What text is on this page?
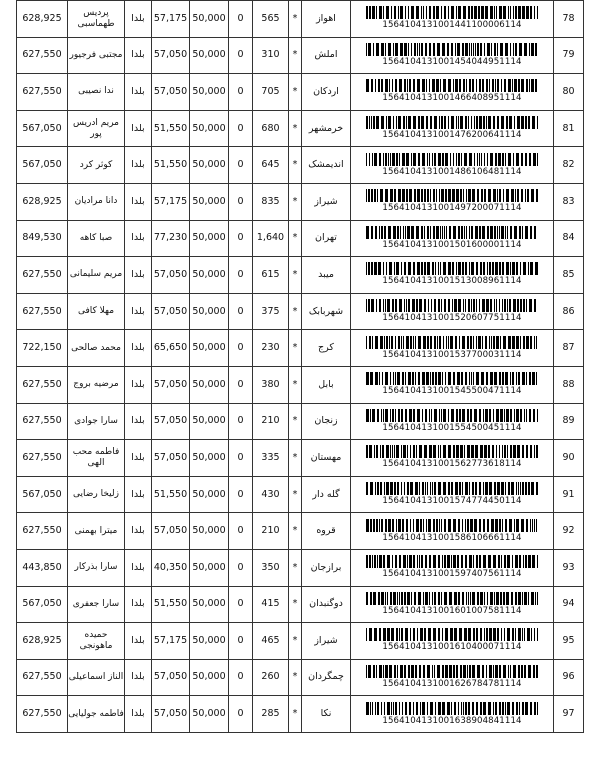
628,925	پردیس طهماسبی	بلدا	57,175	50,000	0	565	*	اهواز	1564104131001441100006114	78
627,550	مجتبی فرجیور	بلدا	57,050	50,000	0	310	*	املش	1564104131001454044951114	79
627,550	ندا نصیبی	بلدا	57,050	50,000	0	705	*	اردکان	1564104131001466408951114	80
567,050	مریم ادریس پور	بلدا	51,550	50,000	0	680	*	خرمشهر	1564104131001476200641114	81
567,050	کوثر کرد	بلدا	51,550	50,000	0	645	*	اندیمشک	1564104131001486106481114	82
628,925	دانا مرادیان	بلدا	57,175	50,000	0	835	*	شیراز	1564104131001497200071114	83
849,530	صبا کاهه	بلدا	77,230	50,000	0	1,640	*	تهران	1564104131001501600001114	84
627,550	مریم سلیمانی	بلدا	57,050	50,000	0	615	*	میبد	1564104131001513008961114	85
627,550	مهلا کافی	بلدا	57,050	50,000	0	375	*	شهربابک	1564104131001520607751114	86
722,150	محمد صالحی	بلدا	65,650	50,000	0	230	*	کرج	1564104131001537700031114	87
627,550	مرضیه بروج	بلدا	57,050	50,000	0	380	*	بابل	1564104131001545500471114	88
627,550	سارا جوادی	بلدا	57,050	50,000	0	210	*	زنجان	1564104131001554500451114	89
627,550	فاطمه محب الهی	بلدا	57,050	50,000	0	335	*	مهستان	1564104131001562773618114	90
567,050	زلیخا رضایی	بلدا	51,550	50,000	0	430	*	گله دار	1564104131001574774450114	91
627,550	میترا بهمنی	بلدا	57,050	50,000	0	210	*	قروه	1564104131001586106661114	92
443,850	سارا بذرکار	بلدا	40,350	50,000	0	350	*	برازجان	1564104131001597407561114	93
567,050	سارا جعفری	بلدا	51,550	50,000	0	415	*	دوگنبدان	1564104131001601007581114	94
628,925	حمیده ماهونجی	بلدا	57,175	50,000	0	465	*	شیراز	1564104131001610400071114	95
627,550	الناز اسماعیلی	بلدا	57,050	50,000	0	260	*	چمگردان	1564104131001626784781114	96
627,550	فاطمه جولیایی	بلدا	57,050	50,000	0	285	*	نکا	1564104131001638904841114	97
